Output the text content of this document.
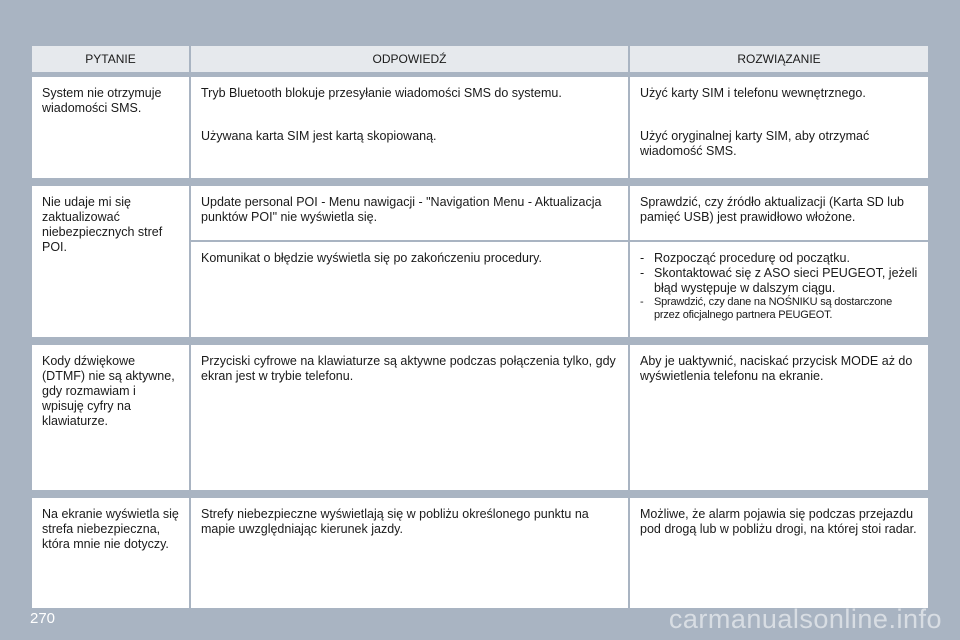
PYTANIE	ODPOWIEDŹ	ROZWIĄZANIE
System nie otrzymuje wiadomości SMS.
Tryb Bluetooth blokuje przesyłanie wiadomości SMS do systemu.
Używana karta SIM jest kartą skopiowaną.
Użyć karty SIM i telefonu wewnętrznego.
Użyć oryginalnej karty SIM, aby otrzymać wiadomość SMS.
Nie udaje mi się zaktualizować niebezpiecznych stref POI.
Update personal POI - Menu nawigacji - "Navigation Menu - Aktualizacja punktów POI" nie wyświetla się.
Sprawdzić, czy źródło aktualizacji (Karta SD lub pamięć USB) jest prawidłowo włożone.
Komunikat o błędzie wyświetla się po zakończeniu procedury.
-	Rozpocząć procedurę od początku.
- Skontaktować się z ASO sieci PEUGEOT, jeżeli błąd występuje w dalszym ciągu.
- Sprawdzić, czy dane na NOŚNIKU są dostarczone przez oficjalnego partnera PEUGEOT.
Kody dźwiękowe (DTMF) nie są aktywne, gdy rozmawiam i wpisuję cyfry na klawiaturze.
Przyciski cyfrowe na klawiaturze są aktywne podczas połączenia tylko, gdy ekran jest w trybie telefonu.
Aby je uaktywnić, naciskać przycisk MODE aż do wyświetlenia telefonu na ekranie.
Na ekranie wyświetla się strefa niebezpieczna, która mnie nie dotyczy.
Strefy niebezpieczne wyświetlają się w pobliżu określonego punktu na mapie uwzględniając kierunek jazdy.
Możliwe, że alarm pojawia się podczas przejazdu pod drogą lub w pobliżu drogi, na której stoi radar.
270	carmanualsonline.info
